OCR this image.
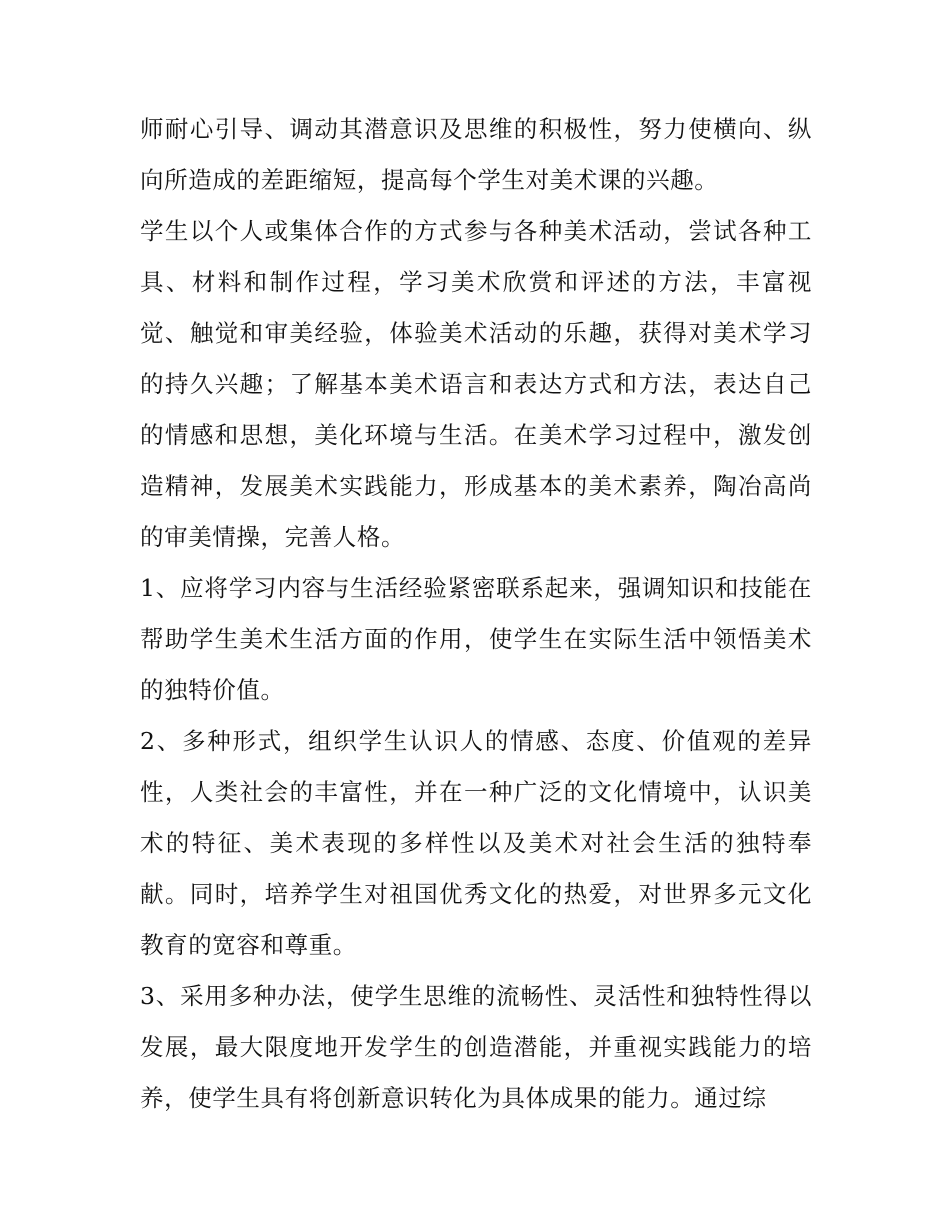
师耐心引导、调动其潜意识及思维的积极性，努力使横向、纵向所造成的差距缩短，提高每个学生对美术课的兴趣。

学生以个人或集体合作的方式参与各种美术活动，尝试各种工具、材料和制作过程，学习美术欣赏和评述的方法，丰富视觉、触觉和审美经验，体验美术活动的乐趣，获得对美术学习的持久兴趣；了解基本美术语言和表达方式和方法，表达自己的情感和思想，美化环境与生活。在美术学习过程中，激发创造精神，发展美术实践能力，形成基本的美术素养，陶冶高尚的审美情操，完善人格。

1、应将学习内容与生活经验紧密联系起来，强调知识和技能在帮助学生美术生活方面的作用，使学生在实际生活中领悟美术的独特价值。

2、多种形式，组织学生认识人的情感、态度、价值观的差异性，人类社会的丰富性，并在一种广泛的文化情境中，认识美术的特征、美术表现的多样性以及美术对社会生活的独特奉献。同时，培养学生对祖国优秀文化的热爱，对世界多元文化教育的宽容和尊重。

3、采用多种办法，使学生思维的流畅性、灵活性和独特性得以发展，最大限度地开发学生的创造潜能，并重视实践能力的培养，使学生具有将创新意识转化为具体成果的能力。通过综
